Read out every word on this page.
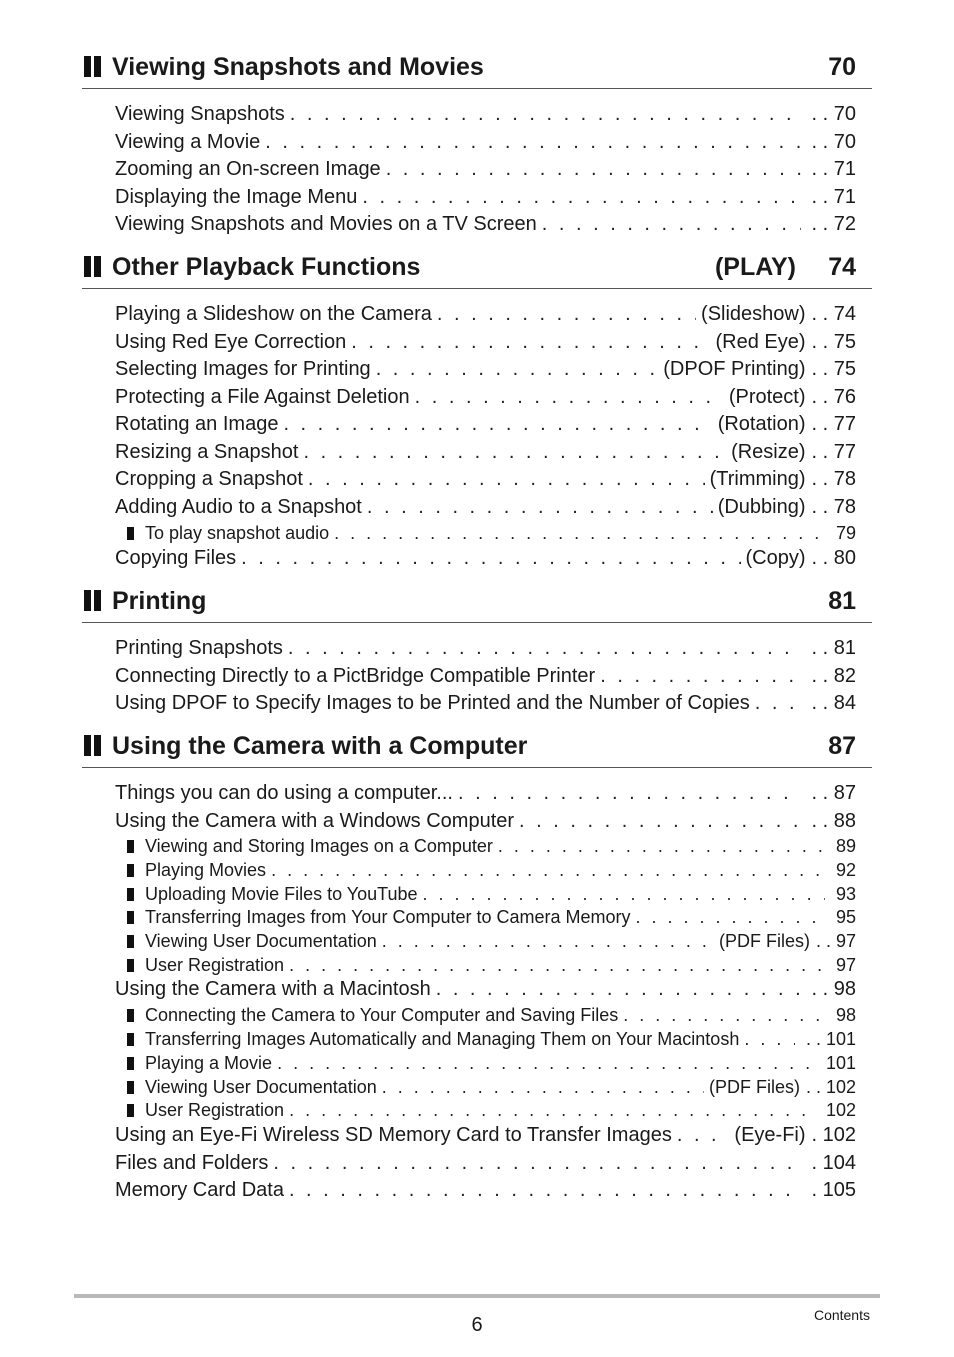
Viewing Snapshots and Movies	70
Viewing Snapshots . . .	. . 70
Viewing a Movie . . .	. . 70
Zooming an On-screen Image . . .	. . 71
Displaying the Image Menu . . .	. . 71
Viewing Snapshots and Movies on a TV Screen . . .	. . 72
Other Playback Functions	(PLAY) 74
Playing a Slideshow on the Camera . . .	(Slideshow) . . 74
Using Red Eye Correction . . .	(Red Eye) . . 75
Selecting Images for Printing . . .	(DPOF Printing) . . 75
Protecting a File Against Deletion . . .	(Protect) . . 76
Rotating an Image . . .	(Rotation) . . 77
Resizing a Snapshot . . .	(Resize) . . 77
Cropping a Snapshot . . .	(Trimming) . . 78
Adding Audio to a Snapshot . . .	(Dubbing) . . 78
To play snapshot audio . . .	79
Copying Files . . .	(Copy) . . 80
Printing	81
Printing Snapshots . . .	. . 81
Connecting Directly to a PictBridge Compatible Printer . . .	. . 82
Using DPOF to Specify Images to be Printed and the Number of Copies . . .	. . 84
Using the Camera with a Computer	87
Things you can do using a computer... . . .	. . 87
Using the Camera with a Windows Computer . . .	. . 88
Viewing and Storing Images on a Computer . . .	89
Playing Movies . . .	92
Uploading Movie Files to YouTube . . .	93
Transferring Images from Your Computer to Camera Memory . . .	95
Viewing User Documentation . . .	(PDF Files) . . 97
User Registration . . .	97
Using the Camera with a Macintosh . . .	. . 98
Connecting the Camera to Your Computer and Saving Files . . .	98
Transferring Images Automatically and Managing Them on Your Macintosh . . .	. . 101
Playing a Movie . . .	101
Viewing User Documentation . . .	(PDF Files) . . 102
User Registration . . .	102
Using an Eye-Fi Wireless SD Memory Card to Transfer Images . . .	(Eye-Fi) . 102
Files and Folders . . .	. 104
Memory Card Data . . .	. 105
6	Contents
